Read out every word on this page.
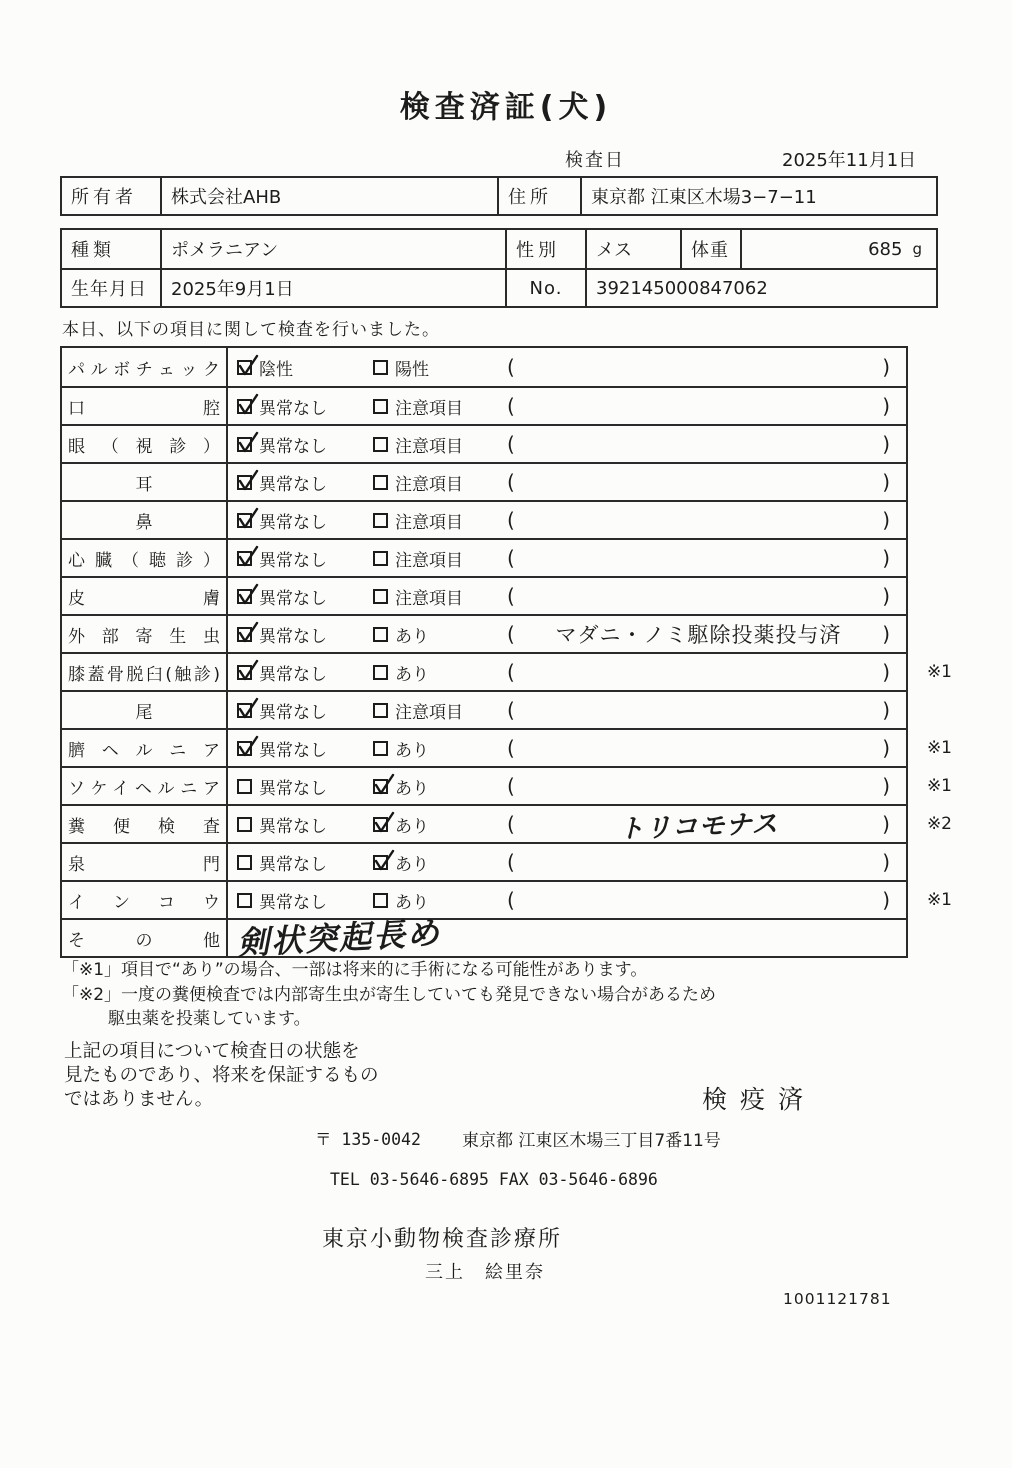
検査済証(犬)
検査日	2025年11月1日
所有者	株式会社AHB	住所	東京都 江東区木場3−7−11
種類	ポメラニアン	性別	メス	体重	685 g
生年月日	2025年9月1日	No.	392145000847062
本日、以下の項目に関して検査を行いました。
パルボチェック 陰性	陽性	(	)
口 腔 異常なし	注意項目 (	)
眼 （ 視 診 ） 異常なし	注意項目 (	)
耳	異常なし	注意項目 (	)
鼻	異常なし	注意項目 (	)
心 臓 （ 聴 診 ） 異常なし	注意項目 (	)
皮 膚 異常なし	注意項目 (	)
外 部 寄 生 虫 異常なし	あり	( マダニ・ノミ駆除投薬投与済 )
膝蓋骨脱臼(触診) 異常なし	あり	(	) ※1
尾	異常なし	注意項目 (	)
臍 ヘ ル ニ ア 異常なし	あり	(	) ※1
ソケイヘルニア 異常なし	あり	(	) ※1
糞 便 検 査 異常なし	あり	(	トリコモナス	) ※2
泉 門 異常なし	あり	(	)
イ ン コ ウ 異常なし	あり	(	) ※1
そ の 他 剣状突起長め
「※1」項目で“あり”の場合、一部は将来的に手術になる可能性があります。
「※2」一度の糞便検査では内部寄生虫が寄生していても発見できない場合があるため
駆虫薬を投薬しています。
上記の項目について検査日の状態を
見たものであり、将来を保証するもの
ではありません。	検疫済
〒 135-0042 東京都 江東区木場三丁目7番11号
TEL 03-5646-6895 FAX 03-5646-6896
東京小動物検査診療所
三上　絵里奈
1001121781
